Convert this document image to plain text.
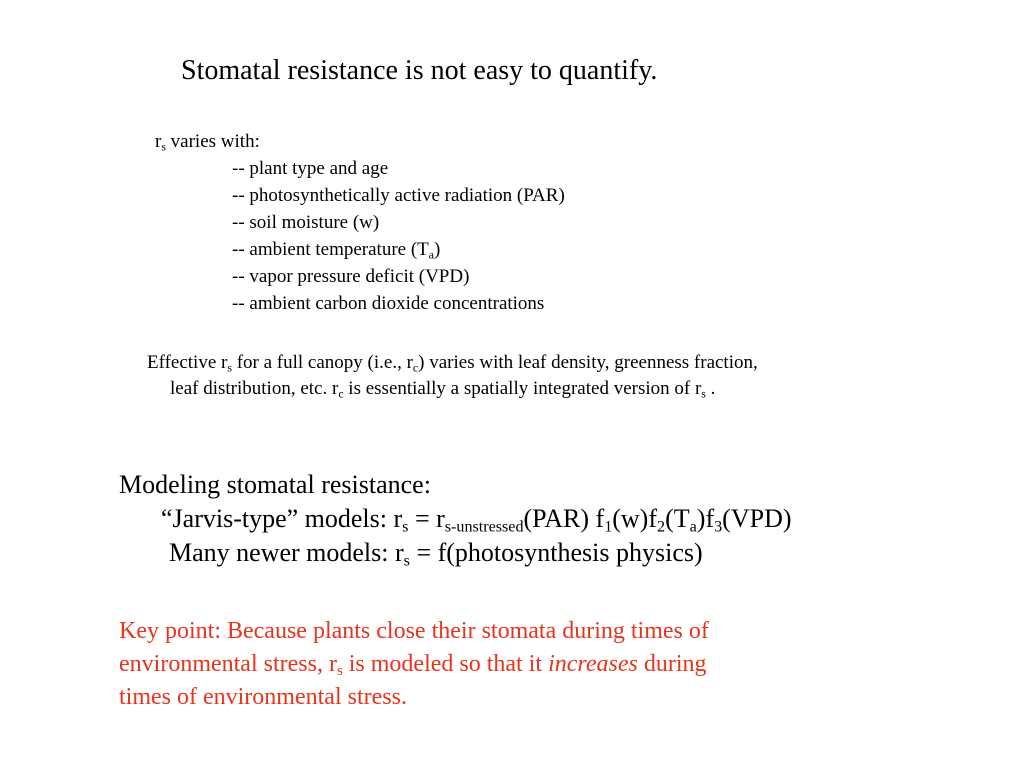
Stomatal resistance is not easy to quantify.
$r_s$ varies with:
-- plant type and age
-- photosynthetically active radiation (PAR)
-- soil moisture (w)
-- ambient temperature $(T_a)$
-- vapor pressure deficit (VPD)
-- ambient carbon dioxide concentrations
Effective $r_s$ for a full canopy (i.e., $r_c$) varies with leaf density, greenness fraction,
leaf distribution, etc. $r_c$ is essentially a spatially integrated version of $r_s$ .
Modeling stomatal resistance:
“Jarvis-type” models: $r_s = r_{s-unstressed}(PAR)$ $f_1(w)f_2(T_a)f_3(VPD)$
Many newer models: $r_s$ = f(photosynthesis physics)
Key point: Because plants close their stomata during times of
environmental stress, $r_s$ is modeled so that it increases during
times of environmental stress.
